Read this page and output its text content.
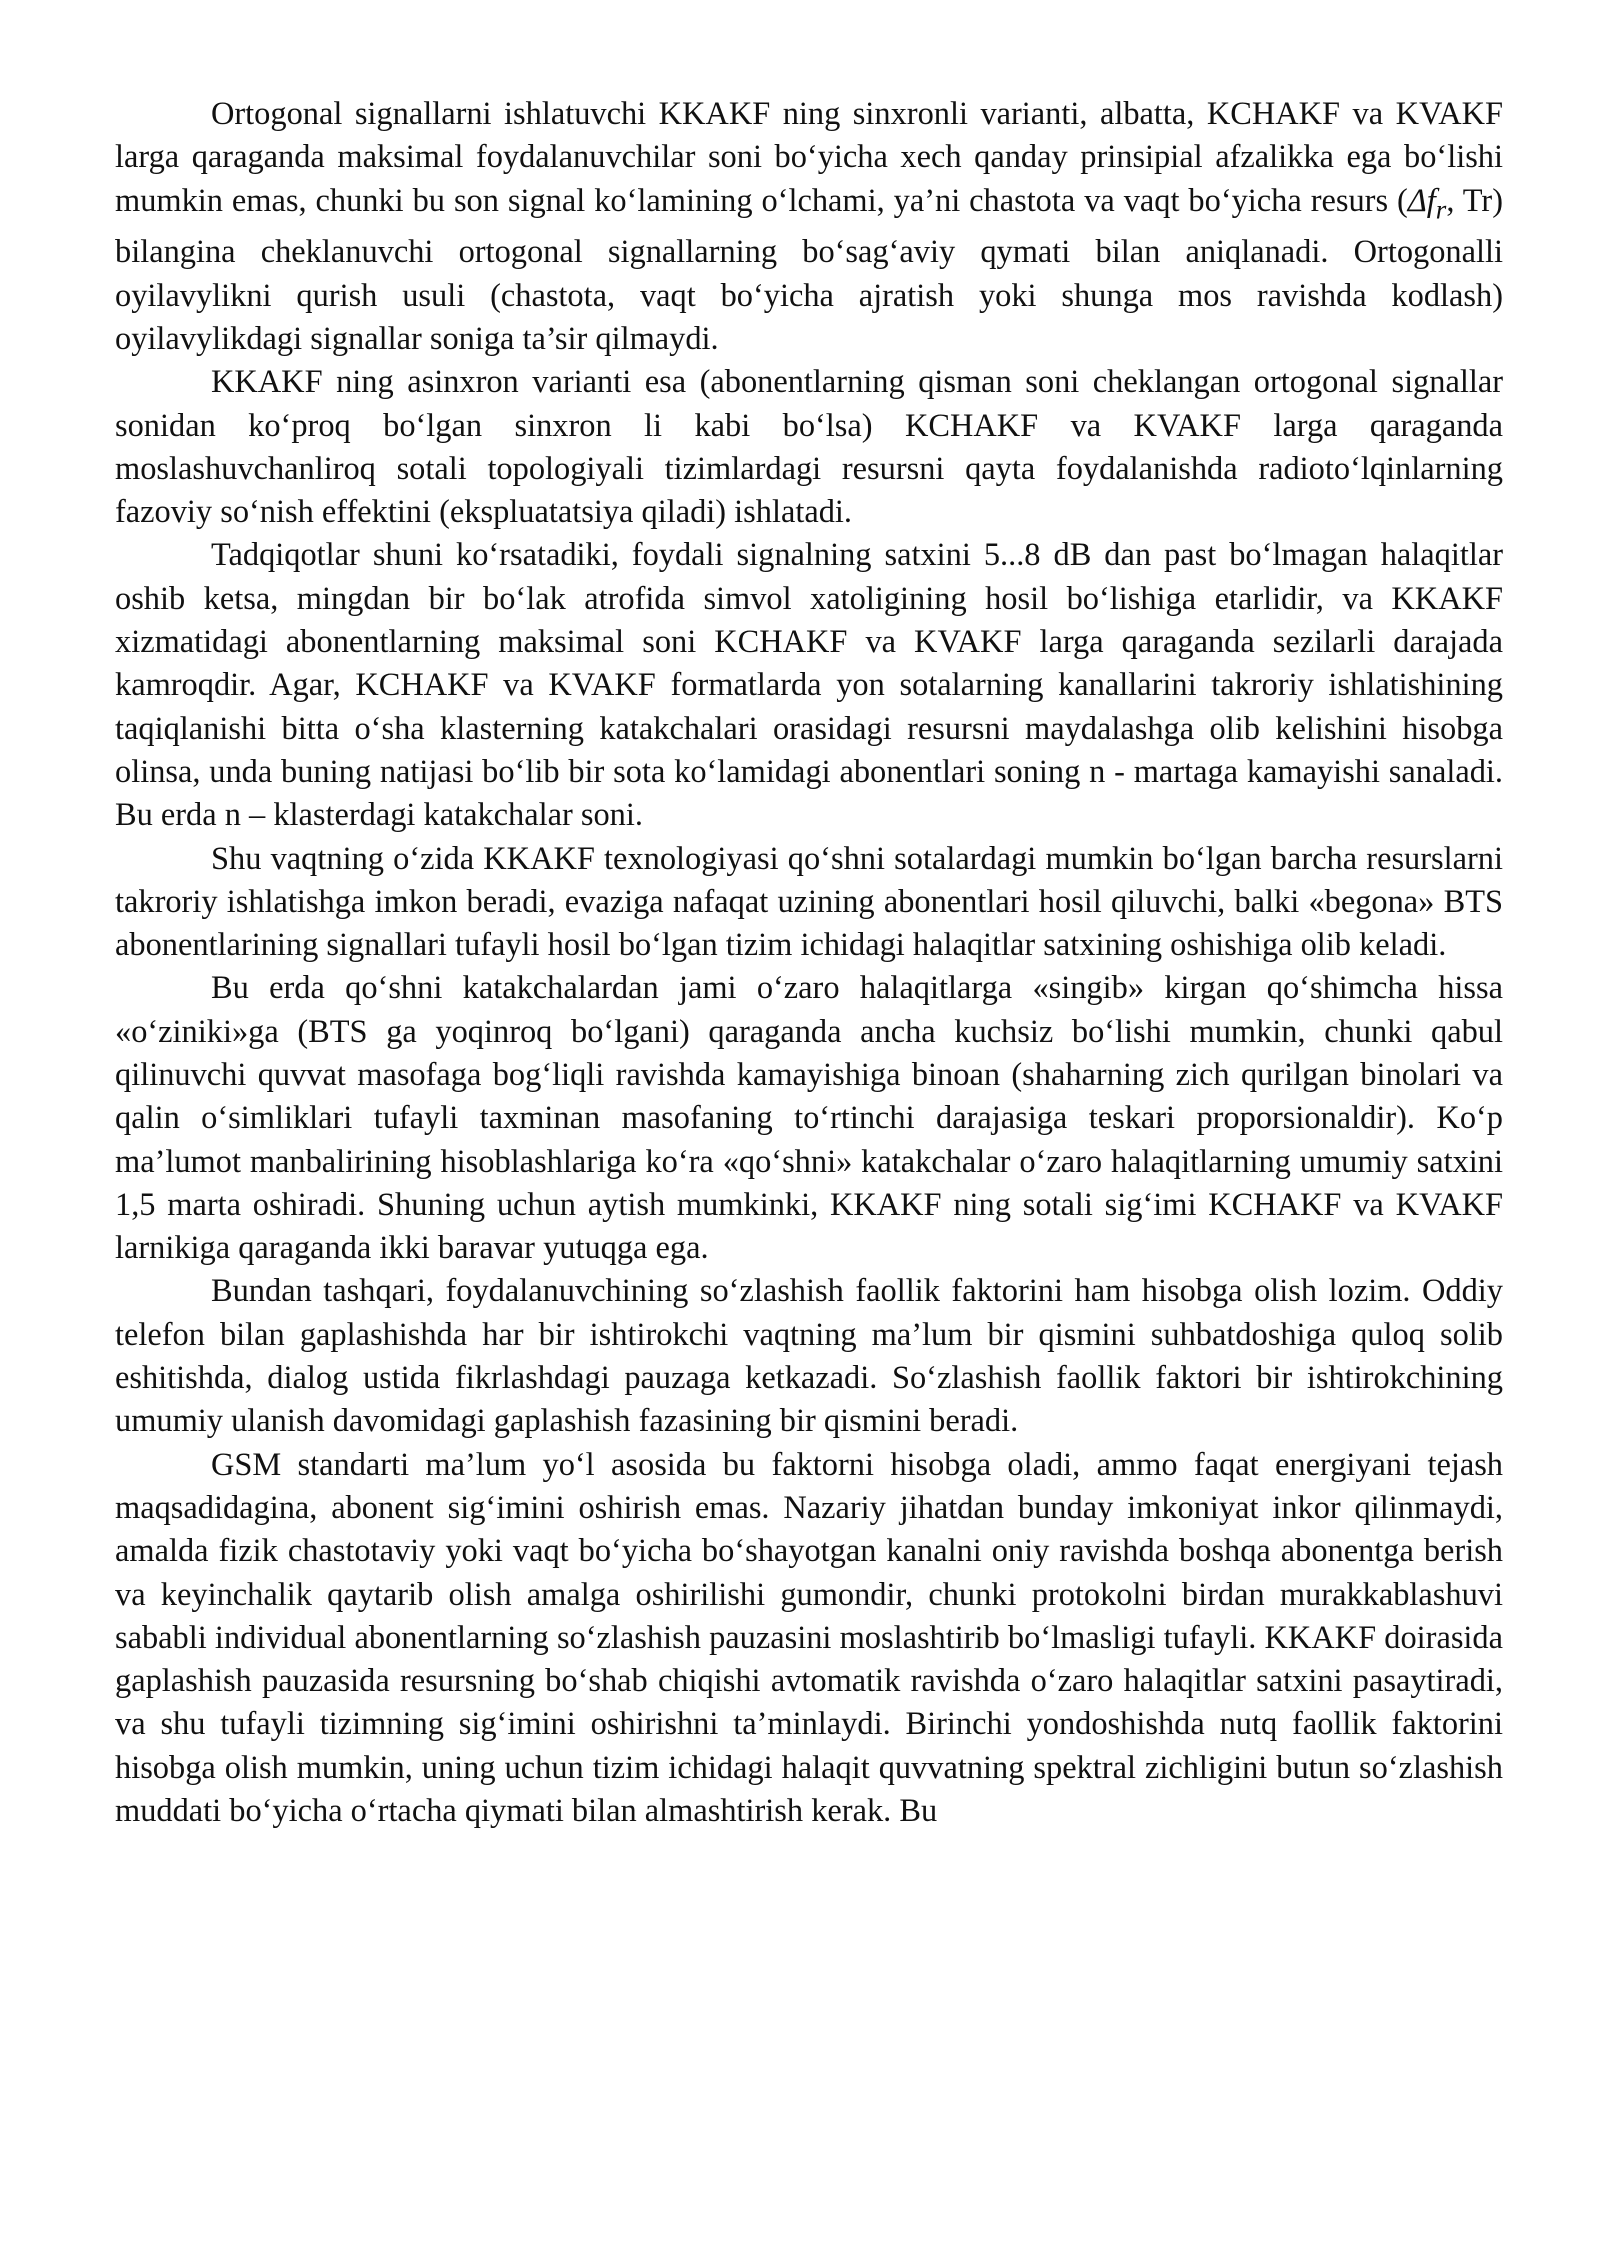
Ortogonal signallarni ishlatuvchi KKAKF ning sinxronli varianti, albatta, KCHAKF va KVAKF larga qaraganda maksimal foydalanuvchilar soni bo‘yicha xech qanday prinsipial afzalikka ega bo‘lishi mumkin emas, chunki bu son signal ko‘lamining o‘lchami, ya’ni chastota va vaqt bo‘yicha resurs ($\Delta f_r$, Tr) bilangina cheklanuvchi ortogonal signallarning bo‘sag‘aviy qymati bilan aniqlanadi. Ortogonalli oyilavylikni qurish usuli (chastota, vaqt bo‘yicha ajratish yoki shunga mos ravishda kodlash) oyilavylikdagi signallar soniga ta’sir qilmaydi.

KKAKF ning asinxron varianti esa (abonentlarning qisman soni cheklangan ortogonal signallar sonidan ko‘proq bo‘lgan sinxron li kabi bo‘lsa) KCHAKF va KVAKF larga qaraganda moslashuvchanliroq sotali topologiyali tizimlardagi resursni qayta foydalanishda radioto‘lqinlarning fazoviy so‘nish effektini (ekspluatatsiya qiladi) ishlatadi.

Tadqiqotlar shuni ko‘rsatadiki, foydali signalning satxini 5...8 dB dan past bo‘lmagan halaqitlar oshib ketsa, mingdan bir bo‘lak atrofida simvol xatoligining hosil bo‘lishiga etarlidir, va KKAKF xizmatidagi abonentlarning maksimal soni KCHAKF va KVAKF larga qaraganda sezilarli darajada kamroqdir. Agar, KCHAKF va KVAKF formatlarda yon sotalarning kanallarini takroriy ishlatishining taqiqlanishi bitta o‘sha klasterning katakchalari orasidagi resursni maydalashga olib kelishini hisobga olinsa, unda buning natijasi bo‘lib bir sota ko‘lamidagi abonentlari soning n - martaga kamayishi sanaladi. Bu erda n – klasterdagi katakchalar soni.

Shu vaqtning o‘zida KKAKF texnologiyasi qo‘shni sotalardagi mumkin bo‘lgan barcha resurslarni takroriy ishlatishga imkon beradi, evaziga nafaqat uzining abonentlari hosil qiluvchi, balki «begona» BTS abonentlarining signallari tufayli hosil bo‘lgan tizim ichidagi halaqitlar satxining oshishiga olib keladi.

Bu erda qo‘shni katakchalardan jami o‘zaro halaqitlarga «singib» kirgan qo‘shimcha hissa «o‘ziniki»ga (BTS ga yoqinroq bo‘lgani) qaraganda ancha kuchsiz bo‘lishi mumkin, chunki qabul qilinuvchi quvvat masofaga bog‘liqli ravishda kamayishiga binoan (shaharning zich qurilgan binolari va qalin o‘simliklari tufayli taxminan masofaning to‘rtinchi darajasiga teskari proporsionaldir). Ko‘p ma’lumot manbalirining hisoblashlariga ko‘ra «qo‘shni» katakchalar o‘zaro halaqitlarning umumiy satxini 1,5 marta oshiradi. Shuning uchun aytish mumkinki, KKAKF ning sotali sig‘imi KCHAKF va KVAKF larnikiga qaraganda ikki baravar yutuqga ega.

Bundan tashqari, foydalanuvchining so‘zlashish faollik faktorini ham hisobga olish lozim. Oddiy telefon bilan gaplashishda har bir ishtirokchi vaqtning ma’lum bir qismini suhbatdoshiga quloq solib eshitishda, dialog ustida fikrlashdagi pauzaga ketkazadi. So‘zlashish faollik faktori bir ishtirokchining umumiy ulanish davomidagi gaplashish fazasining bir qismini beradi.

GSM standarti ma’lum yo‘l asosida bu faktorni hisobga oladi, ammo faqat energiyani tejash maqsadidagina, abonent sig‘imini oshirish emas. Nazariy jihatdan bunday imkoniyat inkor qilinmaydi, amalda fizik chastotaviy yoki vaqt bo‘yicha bo‘shayotgan kanalni oniy ravishda boshqa abonentga berish va keyinchalik qaytarib olish amalga oshirilishi gumondir, chunki protokolni birdan murakkablashuvi sababli individual abonentlarning so‘zlashish pauzasini moslashtirib bo‘lmasligi tufayli. KKAKF doirasida gaplashish pauzasida resursning bo‘shab chiqishi avtomatik ravishda o‘zaro halaqitlar satxini pasaytiradi, va shu tufayli tizimning sig‘imini oshirishni ta’minlaydi. Birinchi yondoshishda nutq faollik faktorini hisobga olish mumkin, uning uchun tizim ichidagi halaqit quvvatning spektral zichligini butun so‘zlashish muddati bo‘yicha o‘rtacha qiymati bilan almashtirish kerak. Bu
